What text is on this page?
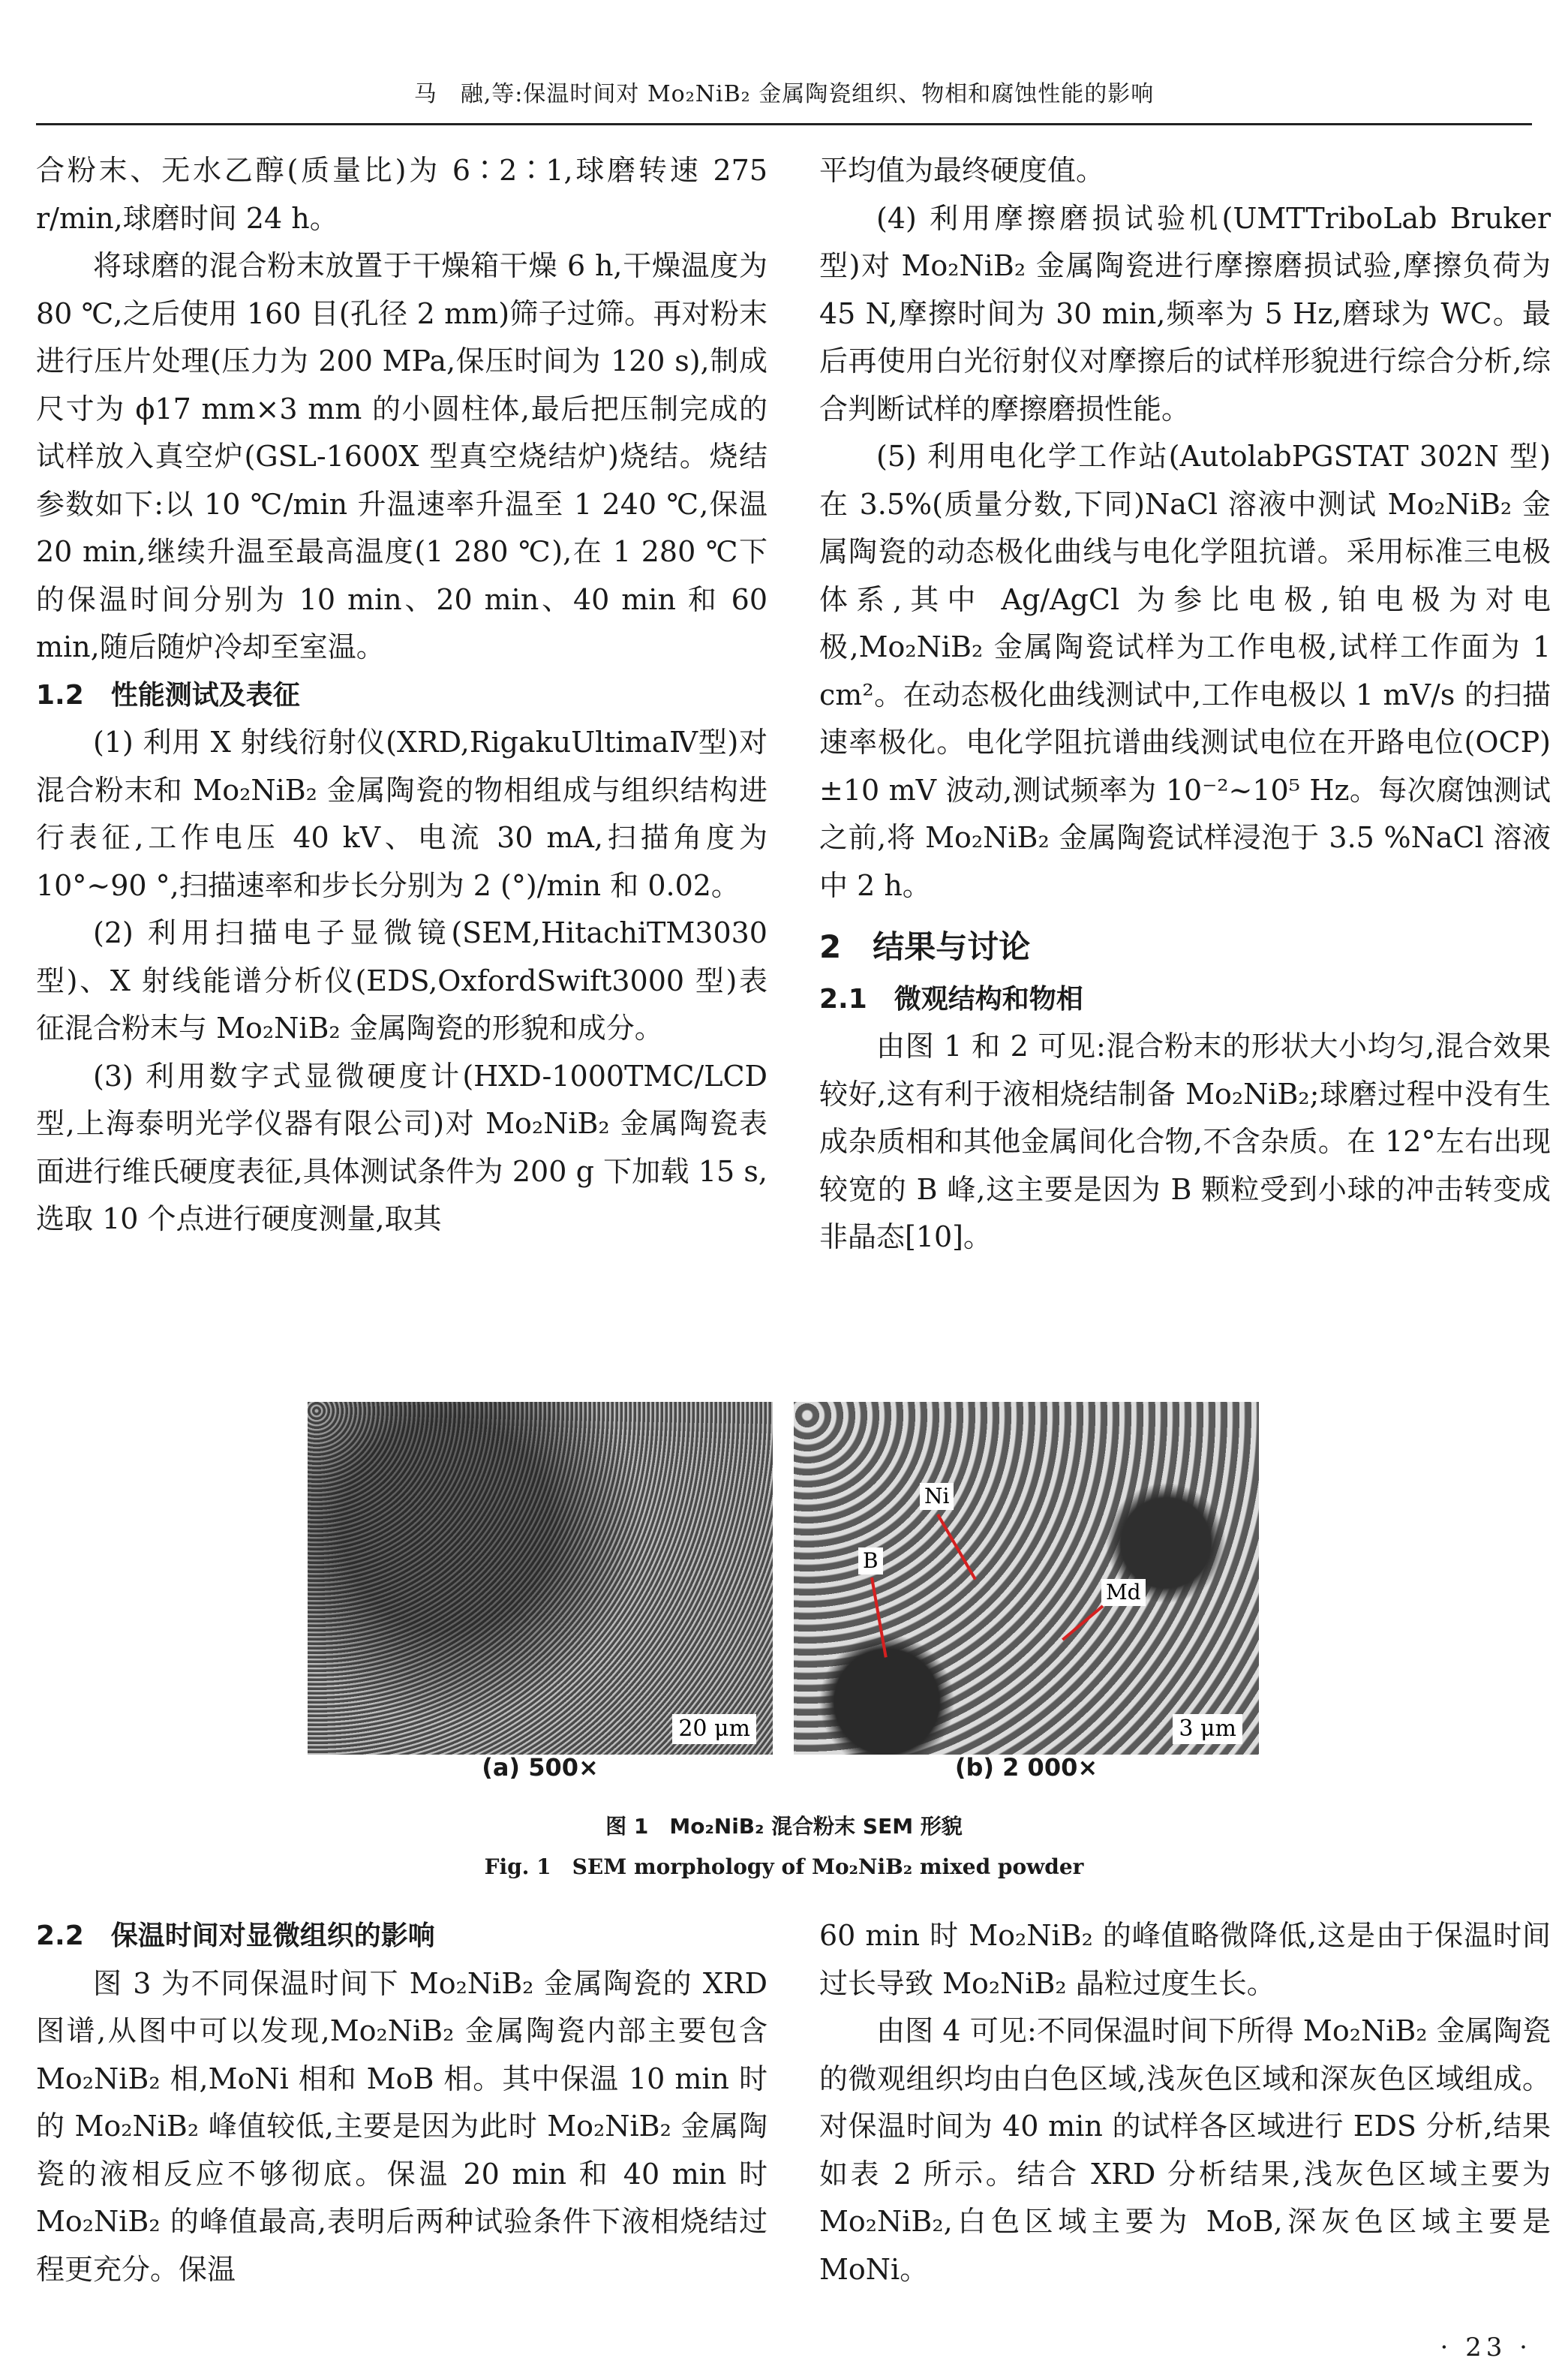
马　融,等:保温时间对 Mo₂NiB₂ 金属陶瓷组织、物相和腐蚀性能的影响

合粉末、无水乙醇(质量比)为 6∶2∶1,球磨转速 275 r/min,球磨时间 24 h。

将球磨的混合粉末放置于干燥箱干燥 6 h,干燥温度为 80 ℃,之后使用 160 目(孔径 2 mm)筛子过筛。再对粉末进行压片处理(压力为 200 MPa,保压时间为 120 s),制成尺寸为 ϕ17 mm×3 mm 的小圆柱体,最后把压制完成的试样放入真空炉(GSL-1600X 型真空烧结炉)烧结。烧结参数如下:以 10 ℃/min 升温速率升温至 1 240 ℃,保温 20 min,继续升温至最高温度(1 280 ℃),在 1 280 ℃下的保温时间分别为 10 min、20 min、40 min 和 60 min,随后随炉冷却至室温。

1.2　性能测试及表征

(1) 利用 X 射线衍射仪(XRD,RigakuUltimaⅣ型)对混合粉末和 Mo₂NiB₂ 金属陶瓷的物相组成与组织结构进行表征,工作电压 40 kV、电流 30 mA,扫描角度为 10°~90 °,扫描速率和步长分别为 2 (°)/min 和 0.02。

(2) 利用扫描电子显微镜(SEM,HitachiTM3030型)、X 射线能谱分析仪(EDS,OxfordSwift3000 型)表征混合粉末与 Mo₂NiB₂ 金属陶瓷的形貌和成分。

(3) 利用数字式显微硬度计(HXD-1000TMC/LCD 型,上海泰明光学仪器有限公司)对 Mo₂NiB₂ 金属陶瓷表面进行维氏硬度表征,具体测试条件为 200 g 下加载 15 s,选取 10 个点进行硬度测量,取其

平均值为最终硬度值。

(4) 利用摩擦磨损试验机(UMTTriboLab Bruker 型)对 Mo₂NiB₂ 金属陶瓷进行摩擦磨损试验,摩擦负荷为 45 N,摩擦时间为 30 min,频率为 5 Hz,磨球为 WC。最后再使用白光衍射仪对摩擦后的试样形貌进行综合分析,综合判断试样的摩擦磨损性能。

(5) 利用电化学工作站(AutolabPGSTAT 302N 型)在 3.5%(质量分数,下同)NaCl 溶液中测试 Mo₂NiB₂ 金属陶瓷的动态极化曲线与电化学阻抗谱。采用标准三电极体系,其中 Ag/AgCl 为参比电极,铂电极为对电极,Mo₂NiB₂ 金属陶瓷试样为工作电极,试样工作面为 1 cm²。在动态极化曲线测试中,工作电极以 1 mV/s 的扫描速率极化。电化学阻抗谱曲线测试电位在开路电位(OCP)±10 mV 波动,测试频率为 10⁻²~10⁵ Hz。每次腐蚀测试之前,将 Mo₂NiB₂ 金属陶瓷试样浸泡于 3.5 %NaCl 溶液中 2 h。

2　结果与讨论

2.1　微观结构和物相

由图 1 和 2 可见:混合粉末的形状大小均匀,混合效果较好,这有利于液相烧结制备 Mo₂NiB₂;球磨过程中没有生成杂质相和其他金属间化合物,不含杂质。在 12°左右出现较宽的 B 峰,这主要是因为 B 颗粒受到小球的冲击转变成非晶态[10]。

20 μm
Ni
B
Md
3 μm
(a) 500×	(b) 2 000×
图 1　Mo₂NiB₂ 混合粉末 SEM 形貌
Fig. 1　SEM morphology of Mo₂NiB₂ mixed powder

2.2　保温时间对显微组织的影响

图 3 为不同保温时间下 Mo₂NiB₂ 金属陶瓷的 XRD 图谱,从图中可以发现,Mo₂NiB₂ 金属陶瓷内部主要包含 Mo₂NiB₂ 相,MoNi 相和 MoB 相。其中保温 10 min 时的 Mo₂NiB₂ 峰值较低,主要是因为此时 Mo₂NiB₂ 金属陶瓷的液相反应不够彻底。保温 20 min 和 40 min 时 Mo₂NiB₂ 的峰值最高,表明后两种试验条件下液相烧结过程更充分。保温

60 min 时 Mo₂NiB₂ 的峰值略微降低,这是由于保温时间过长导致 Mo₂NiB₂ 晶粒过度生长。

由图 4 可见:不同保温时间下所得 Mo₂NiB₂ 金属陶瓷的微观组织均由白色区域,浅灰色区域和深灰色区域组成。对保温时间为 40 min 的试样各区域进行 EDS 分析,结果如表 2 所示。结合 XRD 分析结果,浅灰色区域主要为 Mo₂NiB₂,白色区域主要为 MoB,深灰色区域主要是 MoNi。

· 23 ·
